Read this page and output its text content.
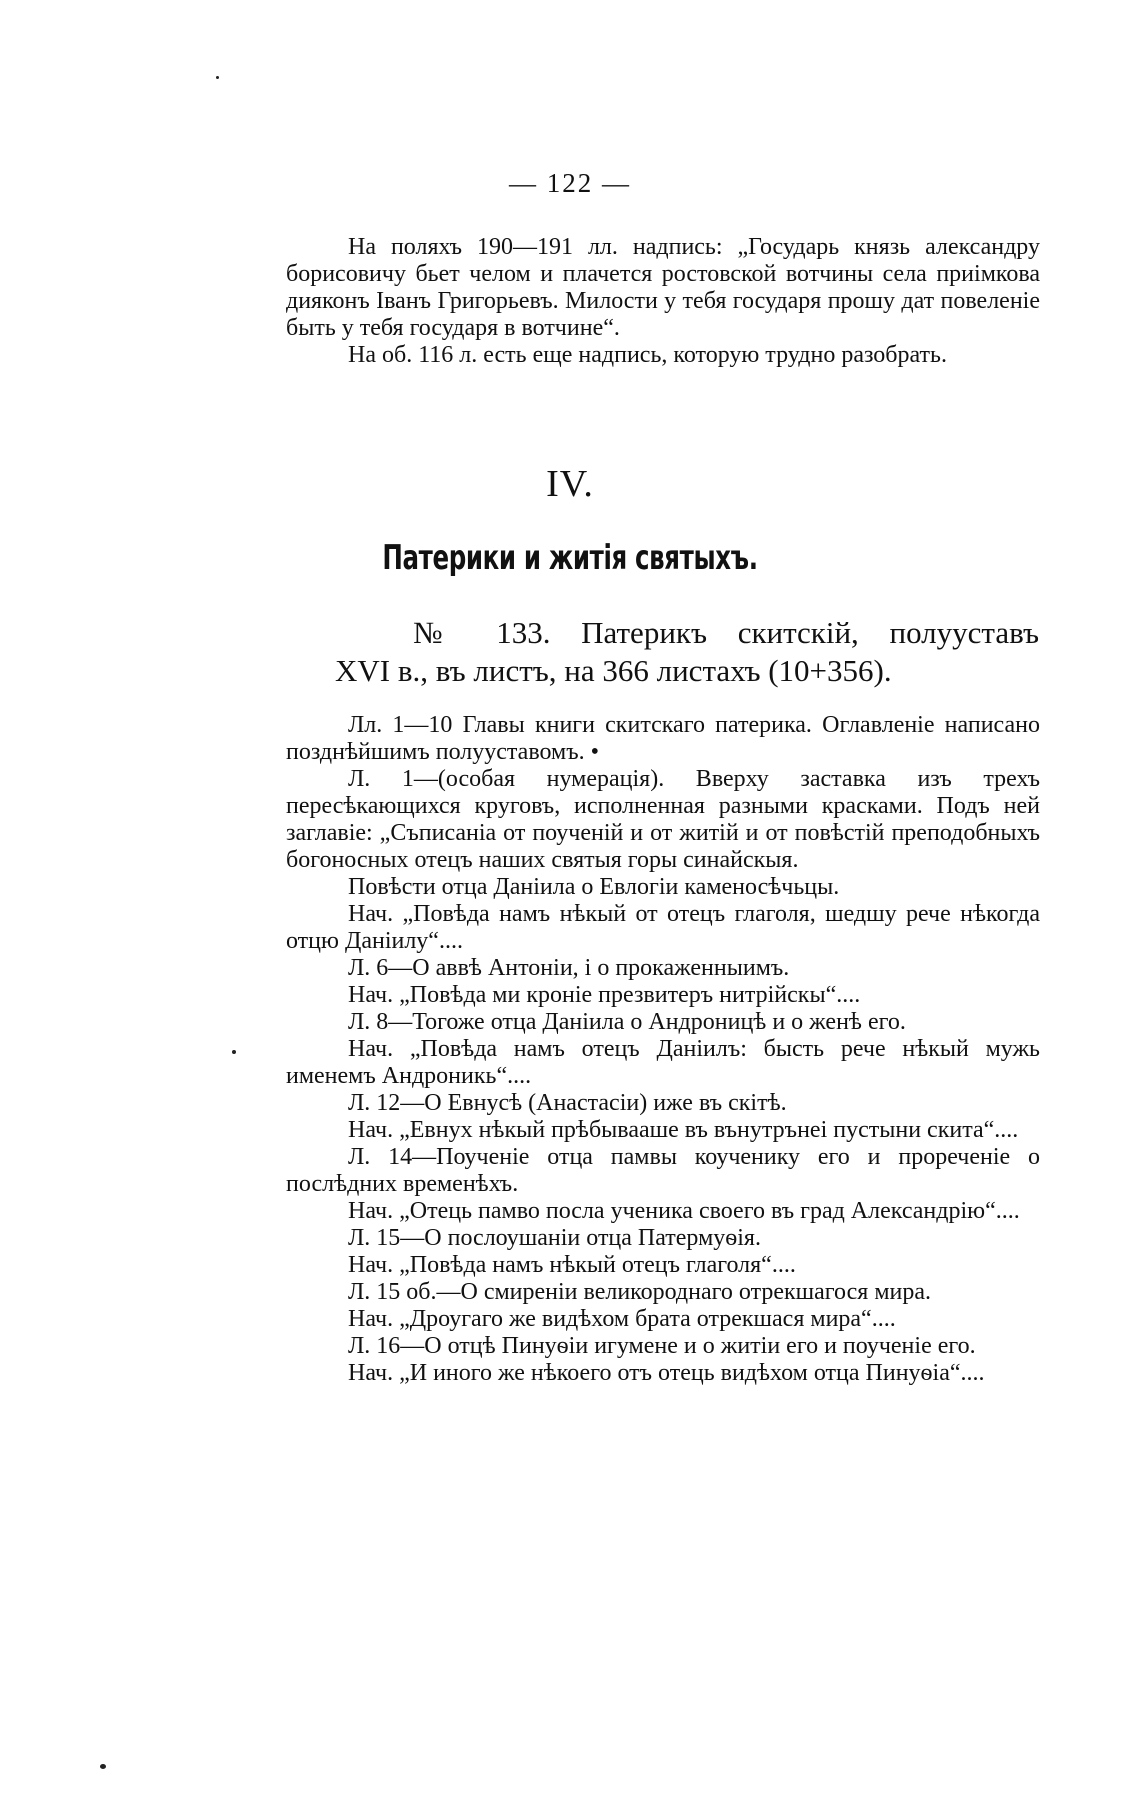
— 122 —

На поляхъ 190—191 лл. надпись: „Государь князь александру борисовичу бьет челом и плачется ростовской вотчины села приімкова дияконъ Іванъ Григорьевъ. Милости у тебя государя прошу дат повеленіе быть у тебя государя в вотчине“.

На об. 116 л. есть еще надпись, которую трудно разобрать.

IV.
Патерики и житія святыхъ.
№ 133. Патерикъ скитскій, полууставъ
XVI в., въ листъ, на 366 листахъ (10+356).

Лл. 1—10 Главы книги скитскаго патерика. Оглавленіе написано позднѣйшимъ полууставомъ. •

Л. 1—(особая нумерація). Вверху заставка изъ трехъ пересѣкающихся круговъ, исполненная разными красками. Подъ ней заглавіе: „Съписаніа от поученій и от житій и от повѣстій преподобныхъ богоносных отецъ наших святыя горы синайскыя.

Повѣсти отца Даніила о Евлогіи каменосѣчьцы.

Нач. „Повѣда намъ нѣкый от отецъ глаголя, шедшу рече нѣкогда отцю Даніилу“....

Л. 6—О аввѣ Антоніи, і о прокаженныимъ.

Нач. „Повѣда ми кроніе презвитеръ нитрійскы“....

Л. 8—Тогоже отца Даніила о Андроницѣ и о женѣ его.

Нач. „Повѣда намъ отецъ Даніилъ: бысть рече нѣкый мужь именемъ Андроникь“....

Л. 12—О Евнусѣ (Анастасіи) иже въ скітѣ.

Нач. „Евнух нѣкый прѣбывааше въ вънутрънеі пустыни скита“....

Л. 14—Поученіе отца памвы коученику его и прореченіе о послѣдних временѣхъ.

Нач. „Отець памво посла ученика своего въ град Александрію“....

Л. 15—О послоушаніи отца Патермуѳія.

Нач. „Повѣда намъ нѣкый отецъ глаголя“....

Л. 15 об.—О смиреніи великороднаго отрекшагося мира.

Нач. „Дроугаго же видѣхом брата отрекшася мира“....

Л. 16—О отцѣ Пинуѳіи игумене и о житіи его и поученіе его.

Нач. „И иного же нѣкоего отъ отець видѣхом отца Пинуѳіа“....
